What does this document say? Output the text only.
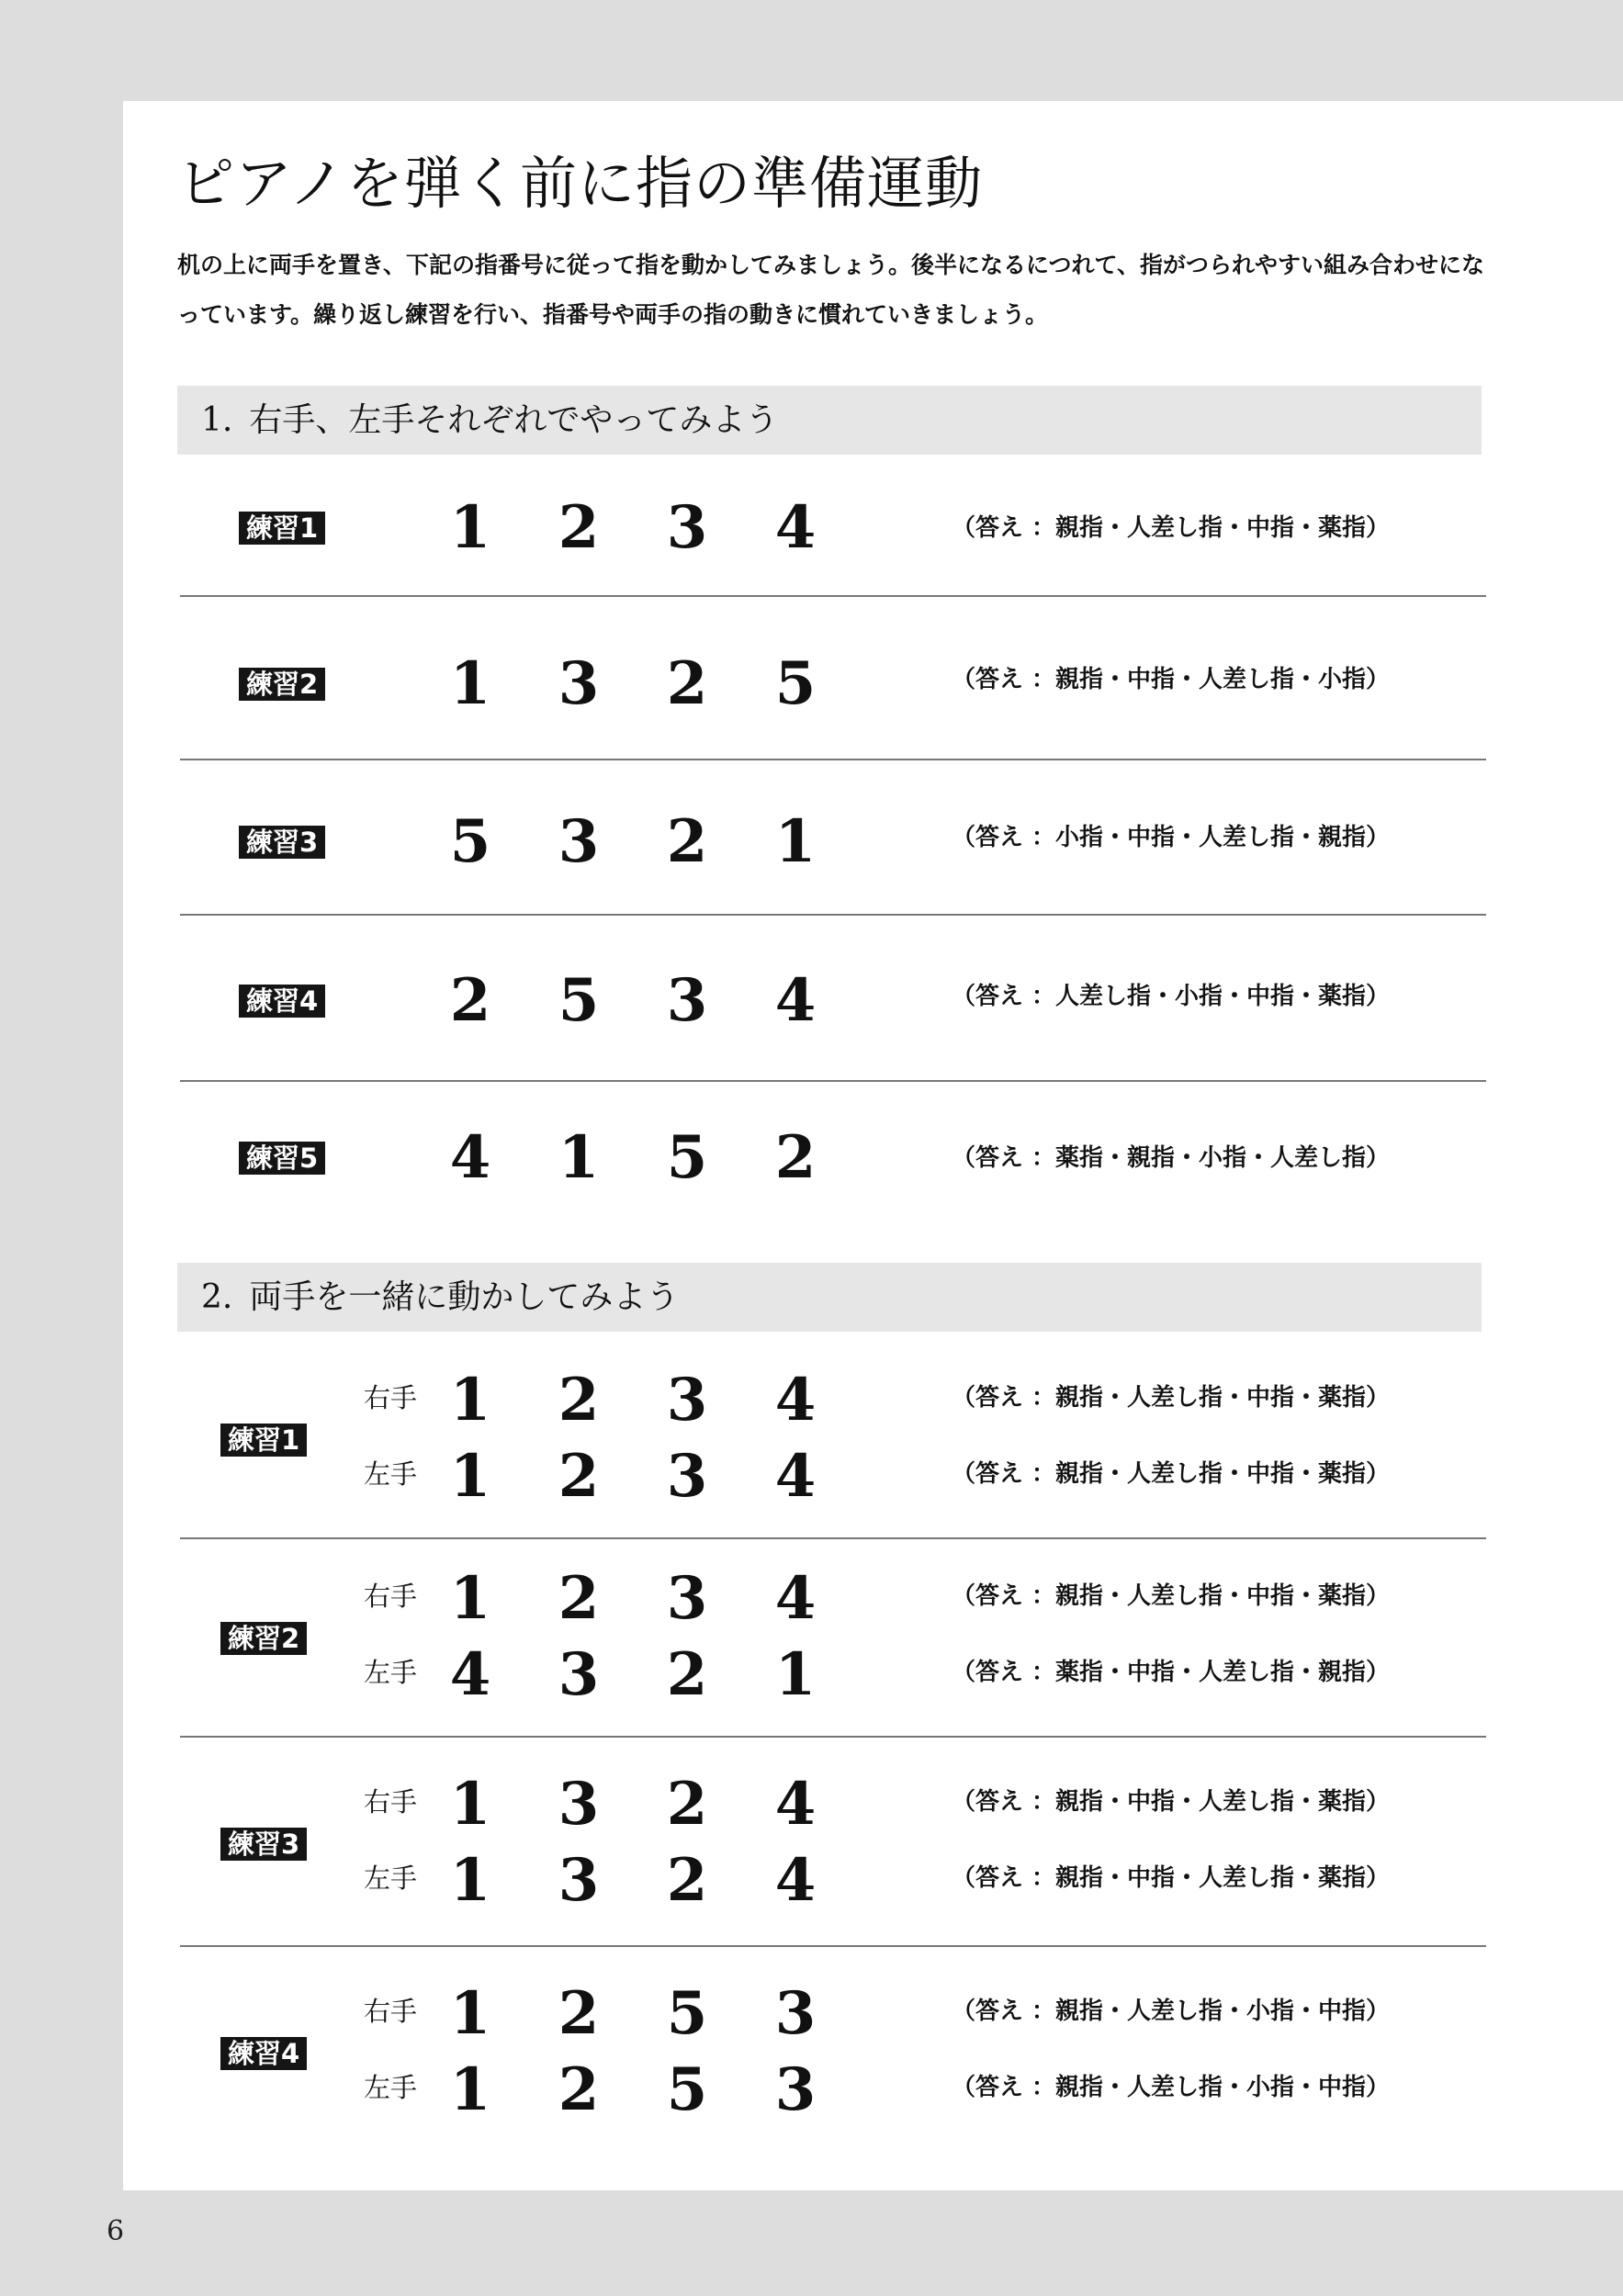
ピアノを弾く前に指の準備運動

机の上に両手を置き、下記の指番号に従って指を動かしてみましょう。後半になるにつれて、指がつられやすい組み合わせになっています。繰り返し練習を行い、指番号や両手の指の動きに慣れていきましょう。

1. 右手、左手それぞれでやってみよう
練習1 1 2 3 4	（答え ：親指・人差し指・中指・薬指）
練習2 1 3 2 5	（答え ：親指・中指・人差し指・小指）
練習3 5 3 2 1	（答え ：小指・中指・人差し指・親指）
練習4 2 5 3 4	（答え ：人差し指・小指・中指・薬指）
練習5 4 1 5 2	（答え ：薬指・親指・小指・人差し指）
2. 両手を一緒に動かしてみよう
練習1
右手 1 2 3 4	（答え ：親指・人差し指・中指・薬指）
左手 1 2 3 4	（答え ：親指・人差し指・中指・薬指）
練習2
右手 1 2 3 4	（答え ：親指・人差し指・中指・薬指）
左手 4 3 2 1	（答え ：薬指・中指・人差し指・親指）
練習3
右手 1 3 2 4	（答え ：親指・中指・人差し指・薬指）
左手 1 3 2 4	（答え ：親指・中指・人差し指・薬指）
練習4
右手 1 2 5 3	（答え ：親指・人差し指・小指・中指）
左手 1 2 5 3	（答え ：親指・人差し指・小指・中指）
6
